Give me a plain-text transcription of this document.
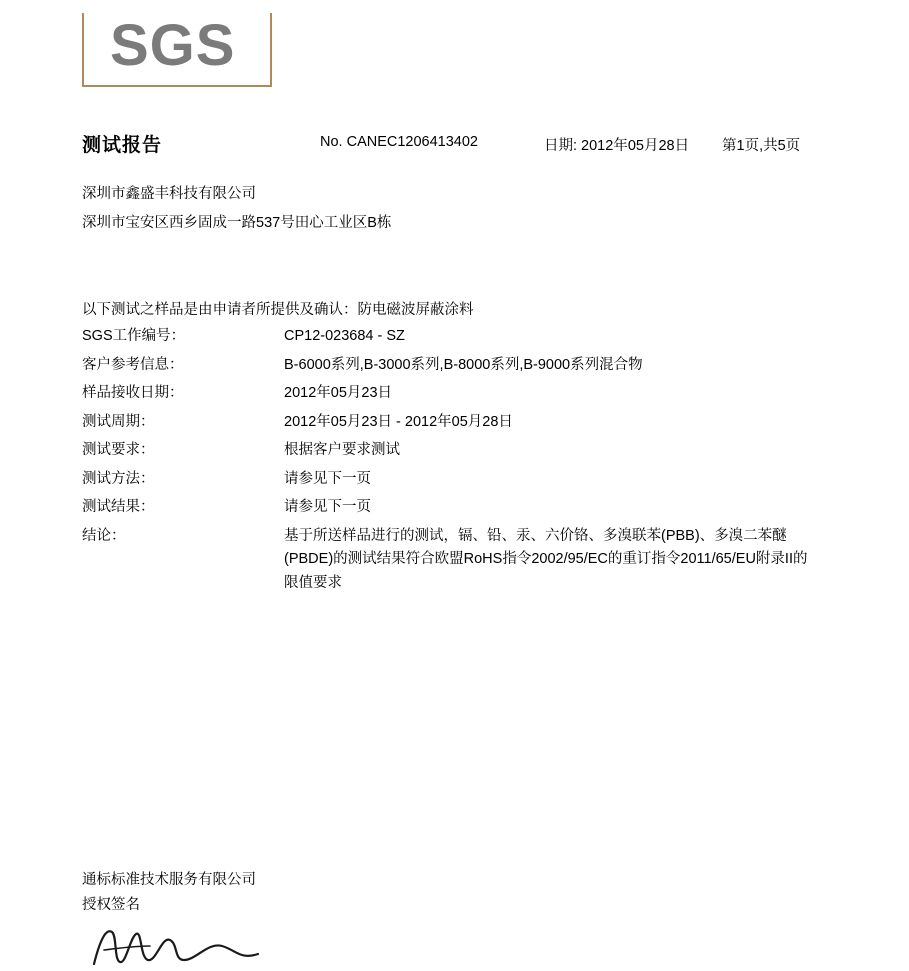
SGS
测试报告	No. CANEC1206413402	日期: 2012年05月28日 第1页,共5页
深圳市鑫盛丰科技有限公司
深圳市宝安区西乡固成一路537号田心工业区B栋
以下测试之样品是由申请者所提供及确认：防电磁波屏蔽涂料
SGS工作编号：	CP12-023684 - SZ
客户参考信息：	B-6000系列,B-3000系列,B-8000系列,B-9000系列混合物
样品接收日期：	2012年05月23日
测试周期：	2012年05月23日 - 2012年05月28日
测试要求：	根据客户要求测试
测试方法：	请参见下一页
测试结果：	请参见下一页
结论：	基于所送样品进行的测试，镉、铅、汞、六价铬、多溴联苯(PBB)、多溴二苯醚(PBDE)的测试结果符合欧盟RoHS指令2002/95/EC的重订指令2011/65/EU附录II的限值要求
通标标准技术服务有限公司
授权签名
